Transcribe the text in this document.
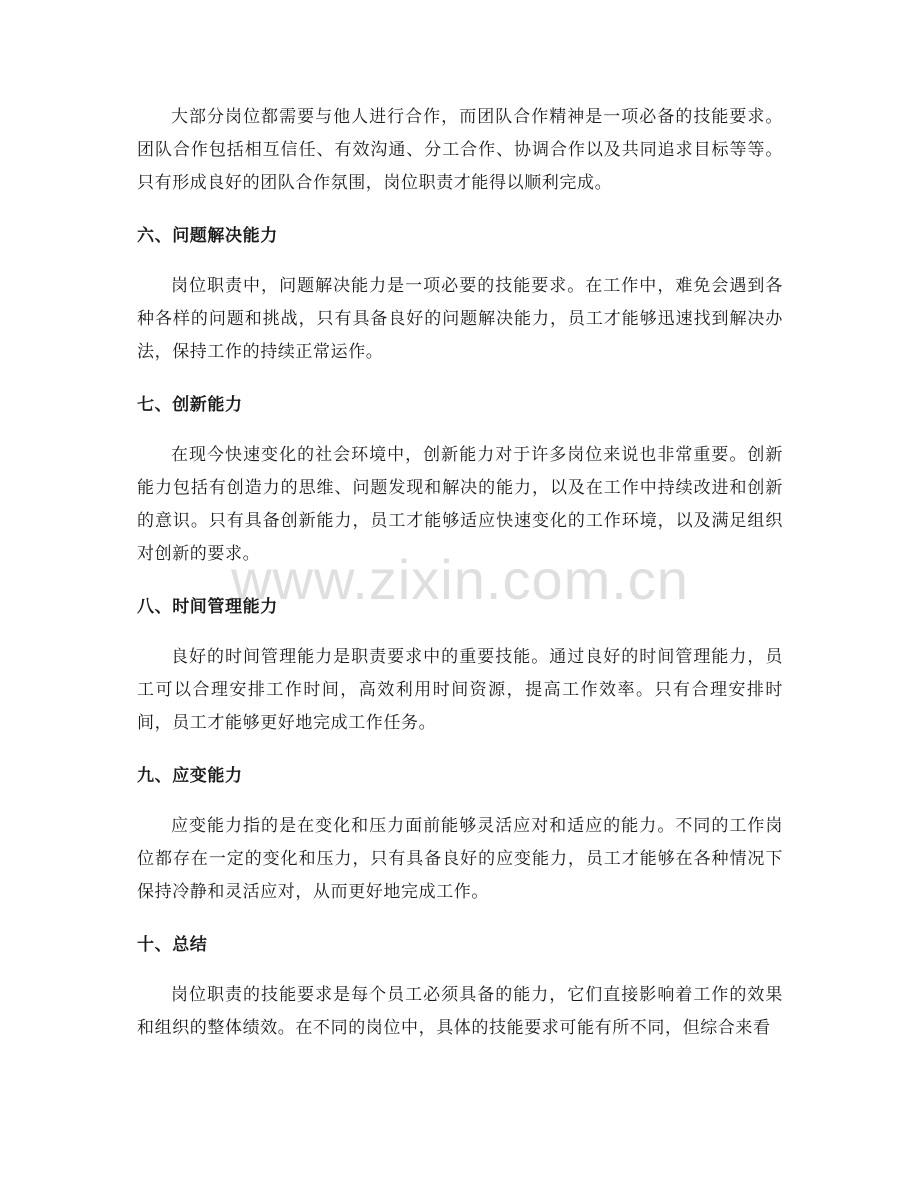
大部分岗位都需要与他人进行合作，而团队合作精神是一项必备的技能要求。团队合作包括相互信任、有效沟通、分工合作、协调合作以及共同追求目标等等。只有形成良好的团队合作氛围，岗位职责才能得以顺利完成。

六、问题解决能力

岗位职责中，问题解决能力是一项必要的技能要求。在工作中，难免会遇到各种各样的问题和挑战，只有具备良好的问题解决能力，员工才能够迅速找到解决办法，保持工作的持续正常运作。

七、创新能力

在现今快速变化的社会环境中，创新能力对于许多岗位来说也非常重要。创新能力包括有创造力的思维、问题发现和解决的能力，以及在工作中持续改进和创新的意识。只有具备创新能力，员工才能够适应快速变化的工作环境，以及满足组织对创新的要求。

八、时间管理能力

良好的时间管理能力是职责要求中的重要技能。通过良好的时间管理能力，员工可以合理安排工作时间，高效利用时间资源，提高工作效率。只有合理安排时间，员工才能够更好地完成工作任务。

九、应变能力

应变能力指的是在变化和压力面前能够灵活应对和适应的能力。不同的工作岗位都存在一定的变化和压力，只有具备良好的应变能力，员工才能够在各种情况下保持冷静和灵活应对，从而更好地完成工作。

十、总结

岗位职责的技能要求是每个员工必须具备的能力，它们直接影响着工作的效果和组织的整体绩效。在不同的岗位中，具体的技能要求可能有所不同，但综合来看

www.zixin.com.cn
